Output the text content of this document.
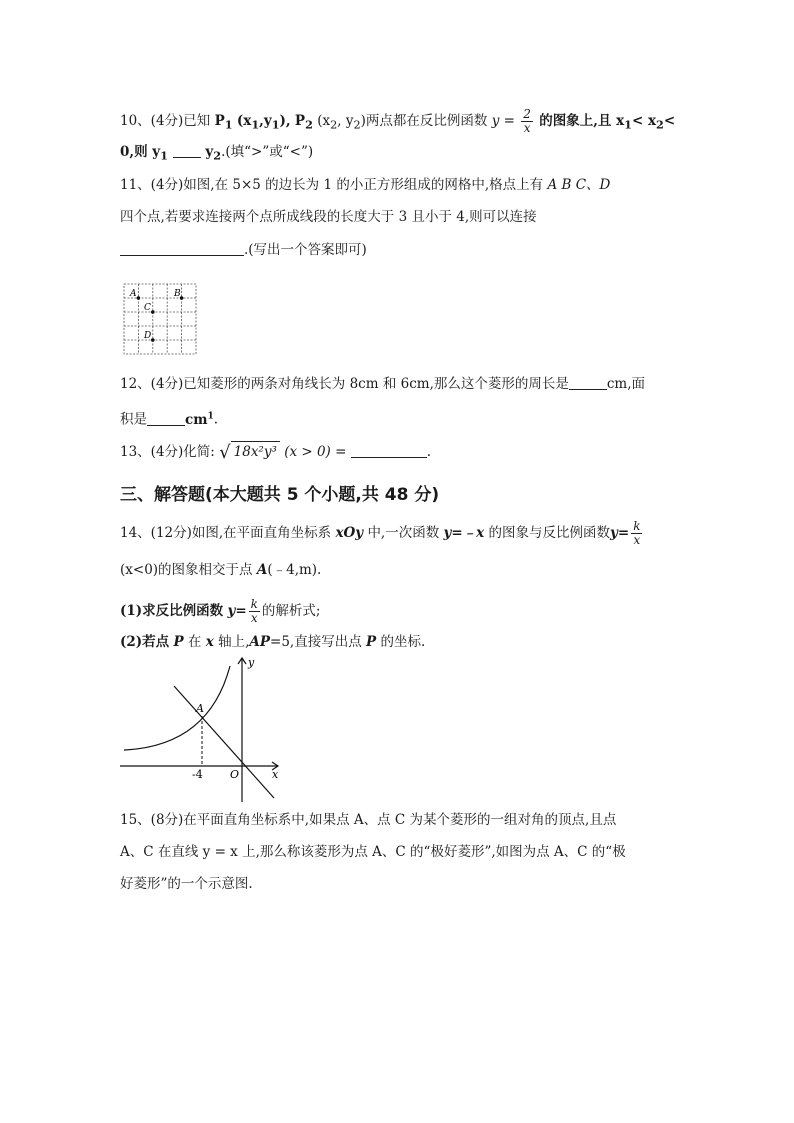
10、(4分)已知 $P_1$ $(x_1,y_1)$, $P_2$ ($x_2$, $y_2$)两点都在反比例函数 $y = \frac{2}{x}$ 的图象上,且 $x_1< x_2<$
0,则 $y_1$	$y_2$.(填“>”或“<”)
11、(4分)如图,在 5×5 的边长为 1 的小正方形组成的网格中,格点上有 A B C、D
四个点,若要求连接两个点所成线段的长度大于 3 且小于 4,则可以连接
.(写出一个答案即可)
A	B
C
D
12、(4分)已知菱形的两条对角线长为 8cm 和 6cm,那么这个菱形的周长是	cm,面
积是	$cm^1$.
13、(4分)化简: √ 18x²y³ (x > 0) =	.
三、解答题(本大题共 5 个小题,共 48 分)
14、(12分)如图,在平面直角坐标系 xOy 中,一次函数 y=﹣x 的图象与反比例函数$y= \frac{k}{x}$
(x<0)的图象相交于点 A(﹣4,m).
(1)求反比例函数 $y= \frac{k}{x}$ 的解析式;
(2)若点 P 在 x 轴上,AP=5,直接写出点 P 的坐标.
A
-4 O	x
y
15、(8分)在平面直角坐标系中,如果点 A、点 C 为某个菱形的一组对角的顶点,且点
A、C 在直线 y = x 上,那么称该菱形为点 A、C 的“极好菱形”,如图为点 A、C 的“极
好菱形”的一个示意图.
